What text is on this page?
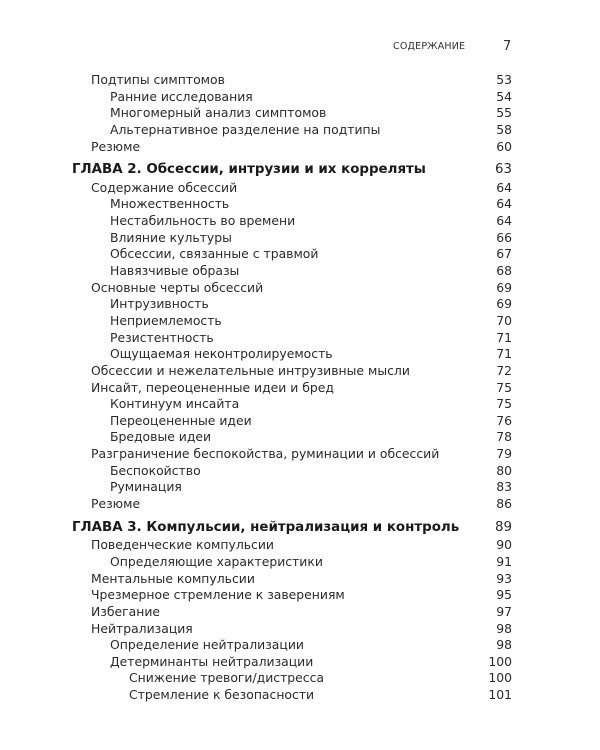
СОДЕРЖАНИЕ	7
Подтипы симптомов	53
Ранние исследования	54
Многомерный анализ симптомов	55
Альтернативное разделение на подтипы	58
Резюме	60
ГЛАВА 2. Обсессии, интрузии и их корреляты	63
Содержание обсессий	64
Множественность	64
Нестабильность во времени	64
Влияние культуры	66
Обсессии, связанные с травмой	67
Навязчивые образы	68
Основные черты обсессий	69
Интрузивность	69
Неприемлемость	70
Резистентность	71
Ощущаемая неконтролируемость	71
Обсессии и нежелательные интрузивные мысли	72
Инсайт, переоцененные идеи и бред	75
Континуум инсайта	75
Переоцененные идеи	76
Бредовые идеи	78
Разграничение беспокойства, руминации и обсессий	79
Беспокойство	80
Руминация	83
Резюме	86
ГЛАВА 3. Компульсии, нейтрализация и контроль	89
Поведенческие компульсии	90
Определяющие характеристики	91
Ментальные компульсии	93
Чрезмерное стремление к заверениям	95
Избегание	97
Нейтрализация	98
Определение нейтрализации	98
Детерминанты нейтрализации	100
Снижение тревоги/дистресса	100
Стремление к безопасности	101
